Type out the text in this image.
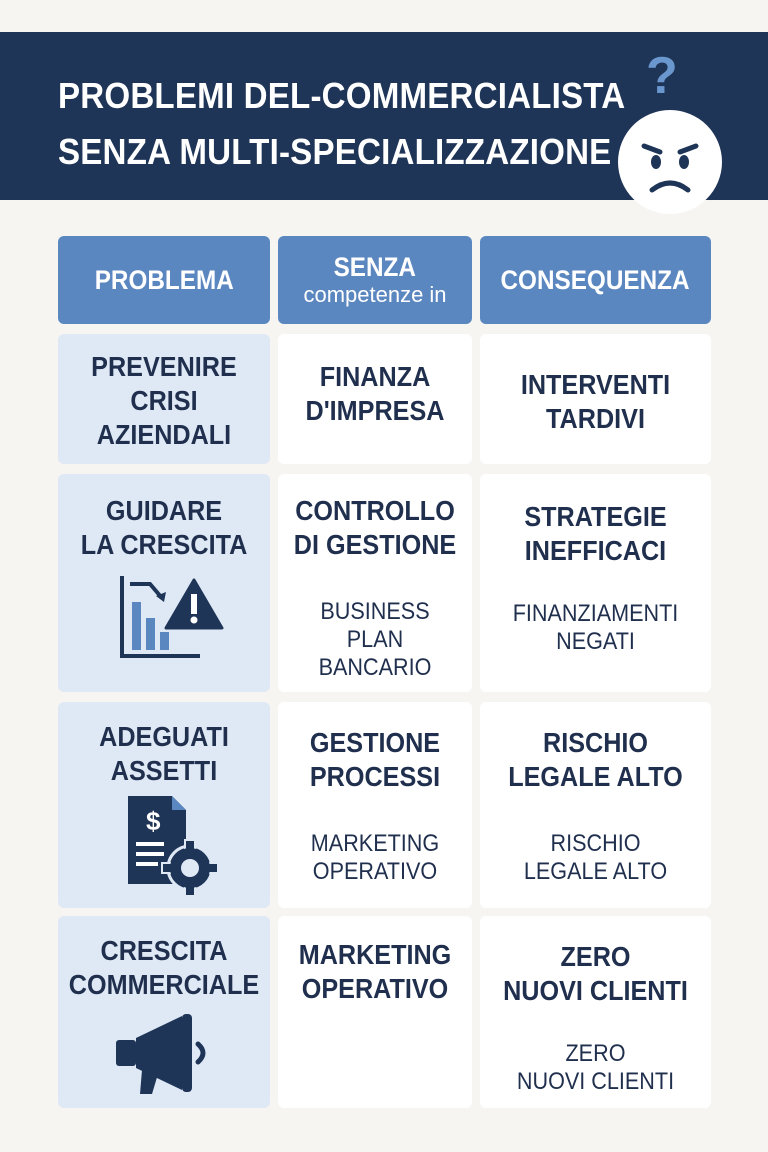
PROBLEMI DEL-COMMERCIALISTA
SENZA MULTI-SPECIALIZZAZIONE
?
PROBLEMA	SENZA
competenze in CONSEQUENZA
PREVENIRE
CRISI
AZIENDALI
FINANZA
D'IMPRESA
INTERVENTI
TARDIVI
GUIDARE
LA CRESCITA
CONTROLLO
DI GESTIONE
BUSINESS
PLAN
BANCARIO
STRATEGIE
INEFFICACI
FINANZIAMENTI
NEGATI
ADEGUATI
ASSETTI
$
GESTIONE
PROCESSI
MARKETING
OPERATIVO
RISCHIO
LEGALE ALTO
RISCHIO
LEGALE ALTO
CRESCITA
COMMERCIALE
MARKETING
OPERATIVO
ZERO
NUOVI CLIENTI
ZERO
NUOVI CLIENTI
